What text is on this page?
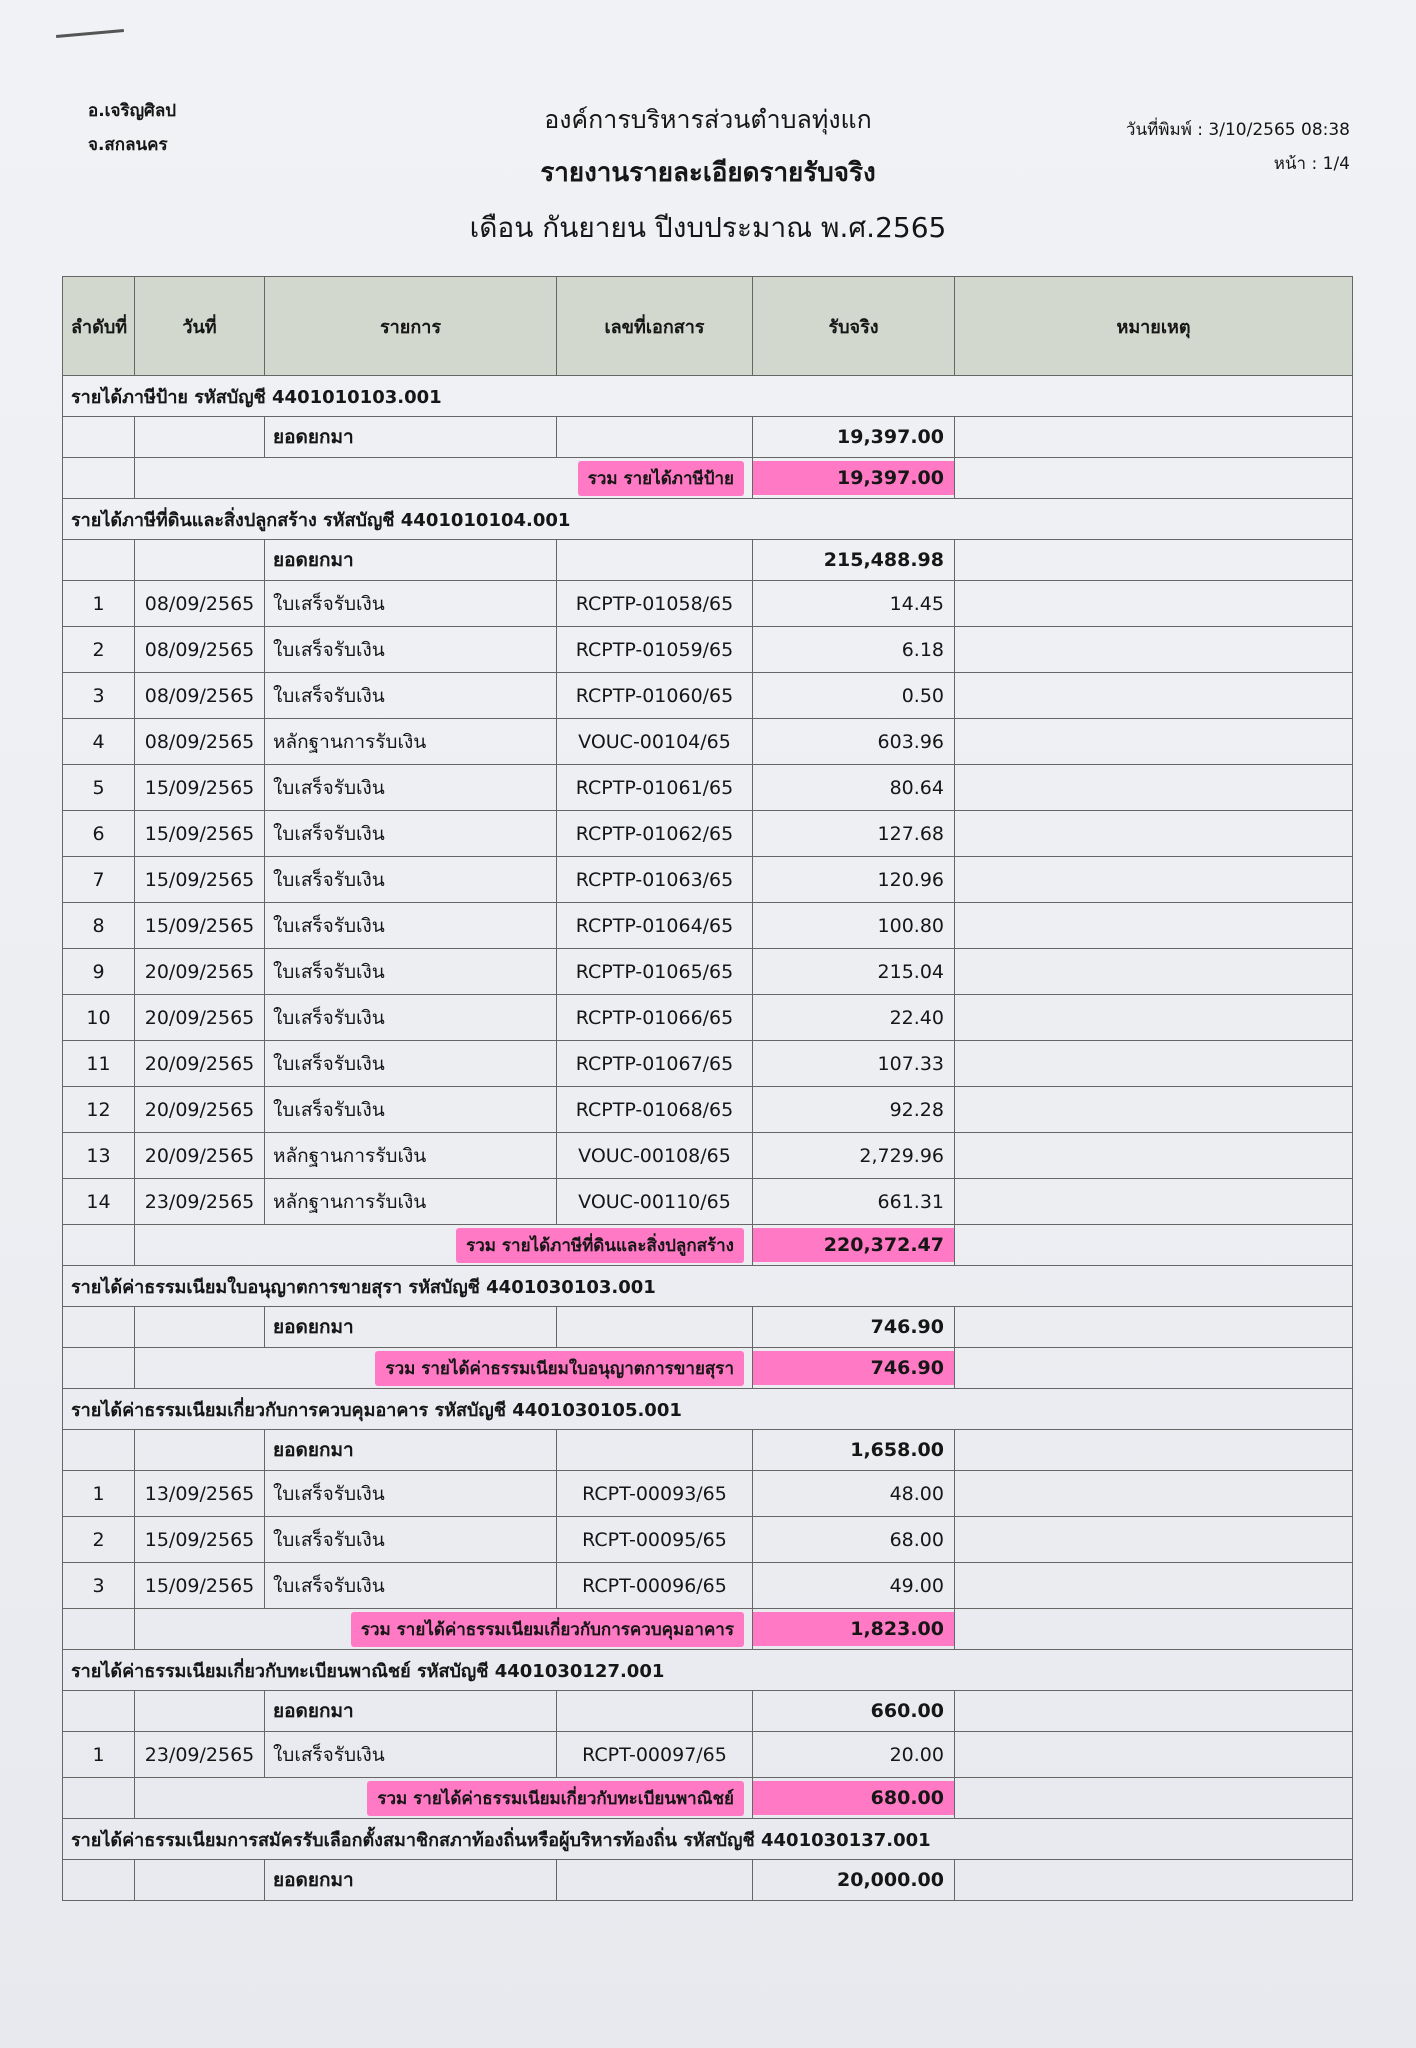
อ.เจริญศิลป
จ.สกลนคร
องค์การบริหารส่วนตำบลทุ่งแก
รายงานรายละเอียดรายรับจริง
เดือน กันยายน ปีงบประมาณ พ.ศ.2565
วันที่พิมพ์ : 3/10/2565 08:38
หน้า : 1/4
ลำดับที่	วันที่	รายการ	เลขที่เอกสาร	รับจริง	หมายเหตุ
รายได้ภาษีป้าย รหัสบัญชี 4401010103.001					
		ยอดยกมา		19,397.00	
	รวม รายได้ภาษีป้าย			19,397.00	

รายได้ภาษีที่ดินและสิ่งปลูกสร้าง รหัสบัญชี 4401010104.001					
		ยอดยกมา		215,488.98	
1	08/09/2565	ใบเสร็จรับเงิน	RCPTP-01058/65	14.45	
2	08/09/2565	ใบเสร็จรับเงิน	RCPTP-01059/65	6.18	
3	08/09/2565	ใบเสร็จรับเงิน	RCPTP-01060/65	0.50	
4	08/09/2565	หลักฐานการรับเงิน	VOUC-00104/65	603.96	
5	15/09/2565	ใบเสร็จรับเงิน	RCPTP-01061/65	80.64	
6	15/09/2565	ใบเสร็จรับเงิน	RCPTP-01062/65	127.68	
7	15/09/2565	ใบเสร็จรับเงิน	RCPTP-01063/65	120.96	
8	15/09/2565	ใบเสร็จรับเงิน	RCPTP-01064/65	100.80	
9	20/09/2565	ใบเสร็จรับเงิน	RCPTP-01065/65	215.04	
10	20/09/2565	ใบเสร็จรับเงิน	RCPTP-01066/65	22.40	
11	20/09/2565	ใบเสร็จรับเงิน	RCPTP-01067/65	107.33	
12	20/09/2565	ใบเสร็จรับเงิน	RCPTP-01068/65	92.28	
13	20/09/2565	หลักฐานการรับเงิน	VOUC-00108/65	2,729.96	
14	23/09/2565	หลักฐานการรับเงิน	VOUC-00110/65	661.31	
	รวม รายได้ภาษีที่ดินและสิ่งปลูกสร้าง			220,372.47	

รายได้ค่าธรรมเนียมใบอนุญาตการขายสุรา รหัสบัญชี 4401030103.001					
		ยอดยกมา		746.90	
	รวม รายได้ค่าธรรมเนียมใบอนุญาตการขายสุรา			746.90	

รายได้ค่าธรรมเนียมเกี่ยวกับการควบคุมอาคาร รหัสบัญชี 4401030105.001					
		ยอดยกมา		1,658.00	
1	13/09/2565	ใบเสร็จรับเงิน	RCPT-00093/65	48.00	
2	15/09/2565	ใบเสร็จรับเงิน	RCPT-00095/65	68.00	
3	15/09/2565	ใบเสร็จรับเงิน	RCPT-00096/65	49.00	
	รวม รายได้ค่าธรรมเนียมเกี่ยวกับการควบคุมอาคาร			1,823.00	

รายได้ค่าธรรมเนียมเกี่ยวกับทะเบียนพาณิชย์ รหัสบัญชี 4401030127.001					
		ยอดยกมา		660.00	
1	23/09/2565	ใบเสร็จรับเงิน	RCPT-00097/65	20.00	
	รวม รายได้ค่าธรรมเนียมเกี่ยวกับทะเบียนพาณิชย์			680.00	

รายได้ค่าธรรมเนียมการสมัครรับเลือกตั้งสมาชิกสภาท้องถิ่นหรือผู้บริหารท้องถิ่น รหัสบัญชี 4401030137.001					
		ยอดยกมา		20,000.00	
